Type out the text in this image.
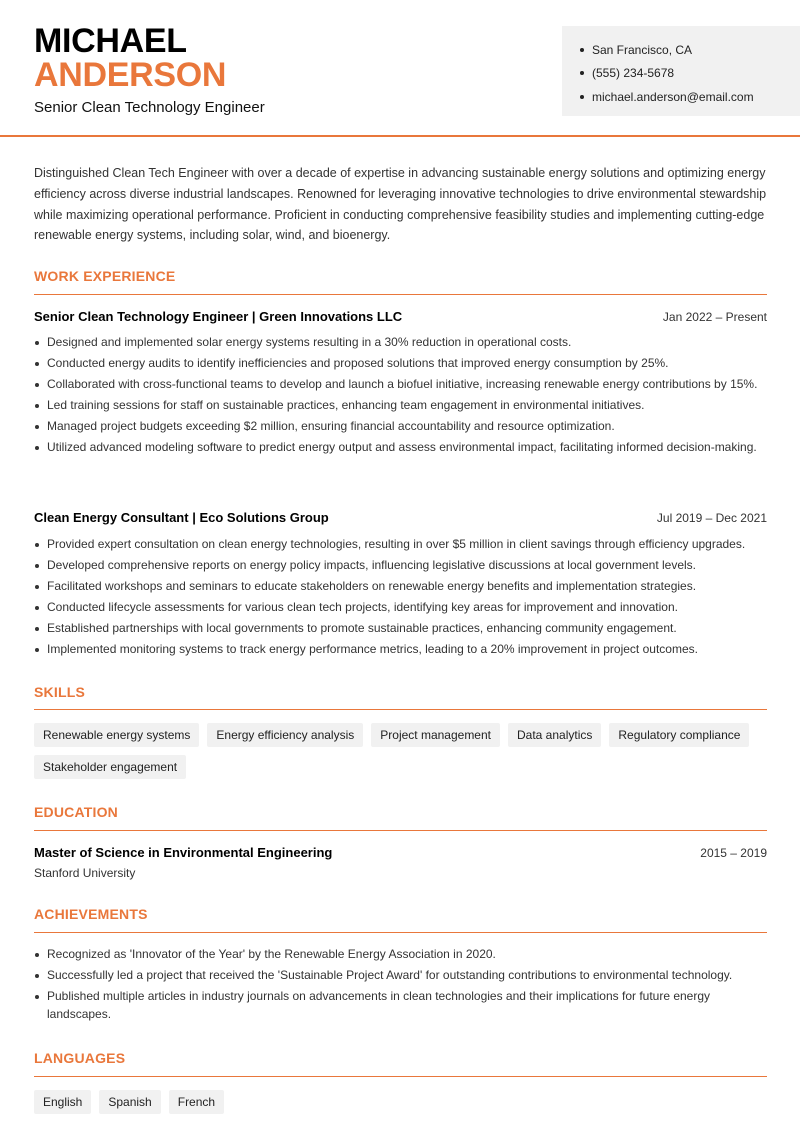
MICHAEL
ANDERSON
Senior Clean Technology Engineer
San Francisco, CA
(555) 234-5678
michael.anderson@email.com
Distinguished Clean Tech Engineer with over a decade of expertise in advancing sustainable energy solutions and optimizing energy efficiency across diverse industrial landscapes. Renowned for leveraging innovative technologies to drive environmental stewardship while maximizing operational performance. Proficient in conducting comprehensive feasibility studies and implementing cutting-edge renewable energy systems, including solar, wind, and bioenergy.
WORK EXPERIENCE
Senior Clean Technology Engineer | Green Innovations LLC	Jan 2022 – Present
Designed and implemented solar energy systems resulting in a 30% reduction in operational costs.
Conducted energy audits to identify inefficiencies and proposed solutions that improved energy consumption by 25%.
Collaborated with cross-functional teams to develop and launch a biofuel initiative, increasing renewable energy contributions by 15%.
Led training sessions for staff on sustainable practices, enhancing team engagement in environmental initiatives.
Managed project budgets exceeding $2 million, ensuring financial accountability and resource optimization.
Utilized advanced modeling software to predict energy output and assess environmental impact, facilitating informed decision-making.
Clean Energy Consultant | Eco Solutions Group	Jul 2019 – Dec 2021
Provided expert consultation on clean energy technologies, resulting in over $5 million in client savings through efficiency upgrades.
Developed comprehensive reports on energy policy impacts, influencing legislative discussions at local government levels.
Facilitated workshops and seminars to educate stakeholders on renewable energy benefits and implementation strategies.
Conducted lifecycle assessments for various clean tech projects, identifying key areas for improvement and innovation.
Established partnerships with local governments to promote sustainable practices, enhancing community engagement.
Implemented monitoring systems to track energy performance metrics, leading to a 20% improvement in project outcomes.
SKILLS
Renewable energy systems	Energy efficiency analysis	Project management	Data analytics	Regulatory compliance
Stakeholder engagement
EDUCATION
Master of Science in Environmental Engineering	2015 – 2019
Stanford University
ACHIEVEMENTS
Recognized as 'Innovator of the Year' by the Renewable Energy Association in 2020.
Successfully led a project that received the 'Sustainable Project Award' for outstanding contributions to environmental technology.
Published multiple articles in industry journals on advancements in clean technologies and their implications for future energy landscapes.
LANGUAGES
English	Spanish	French
